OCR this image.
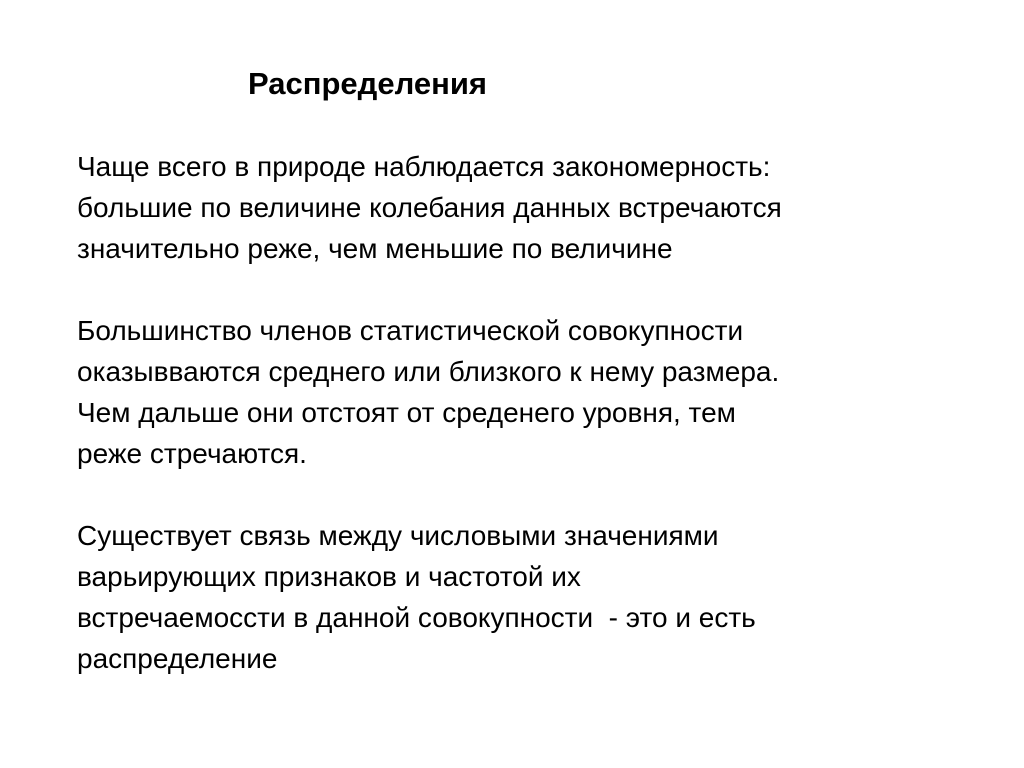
Распределения

Чаще всего в природе наблюдается закономерность:
большие по величине колебания данных встречаются
значительно реже, чем меньшие по величине

Большинство членов статистической совокупности
оказывваются среднего или близкого к нему размера.
Чем дальше они отстоят от среденего уровня, тем
реже стречаются.

Существует связь между числовыми значениями
варьирующих признаков и частотой их
встречаемоссти в данной совокупности  - это и есть
распределение
